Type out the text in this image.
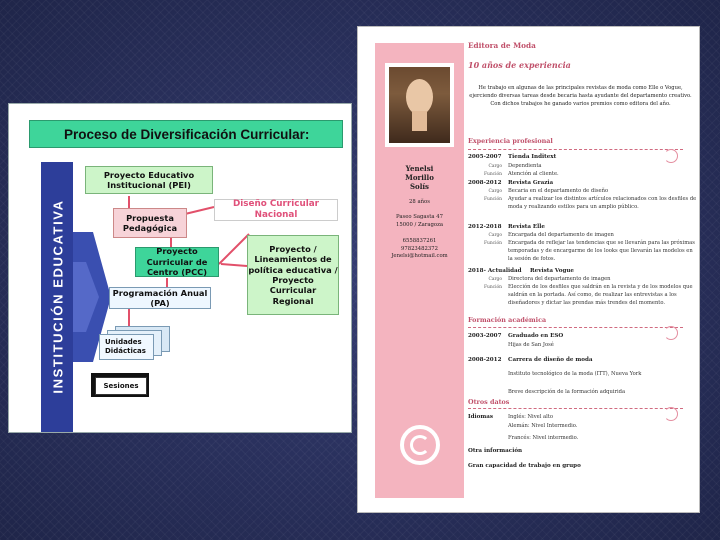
Proceso de Diversificación Curricular:
INSTITUCIÓN EDUCATIVA
Proyecto Educativo Institucional (PEI)
Propuesta Pedagógica
Diseño Curricular Nacional
Proyecto Curricular de Centro (PCC)
Proyecto / Lineamientos de política educativa / Proyecto Curricular Regional
Programación Anual (PA)
Unidades Didácticas
Sesiones
Yenelsi
Morillo
Solís
28 años
Paseo Sagasta 47
15000 / Zaragoza
6558837261
97823482372
Jenelsi@hotmail.com
Editora de Moda
10 años de experiencia
He trabajo en algunas de las principales revistas de moda como Elle o Vogue, ejerciendo diversas tareas desde becaria hasta ayudante del departamento creativo. Con dichos trabajos he ganado varios premios como editora del año.
Experiencia profesional
2005-2007 Tienda Inditext
Cargo Dependienta
Función Atención al cliente.
2008-2012 Revista Grazia
Cargo Becaria en el departamento de diseño
Función Ayudar a realizar los distintos artículos relacionados con los desfiles de moda y realizando estilos para un amplio público.
2012-2018 Revista Elle
Cargo Encargada del departamento de imagen
Función Encargada de reflejar las tendencias que se llevarán para las próximas temporadas y de encargarme de los looks que llevarán las modelos en la sesión de fotos.
2018- Actualidad Revista Vogue
Cargo Directora del departamento de imagen
Función Elección de los desfiles que saldrán en la revista y de los modelos que saldrán en la portada. Así como, de realizar las entrevistas a los diseñadores y dictar las prendas más trendes del momento.
Formación académica
2003-2007 Graduado en ESO
Hijas de San José
2008-2012 Carrera de diseño de moda
Instituto tecnológico de la moda (ITT), Nueva York
Breve descripción de la formación adquirida
Otros datos
Idiomas	Inglés: Nivel alto
Alemán: Nivel Intermedio.
Francés: Nivel intermedio.
Otra información
Gran capacidad de trabajo en grupo
